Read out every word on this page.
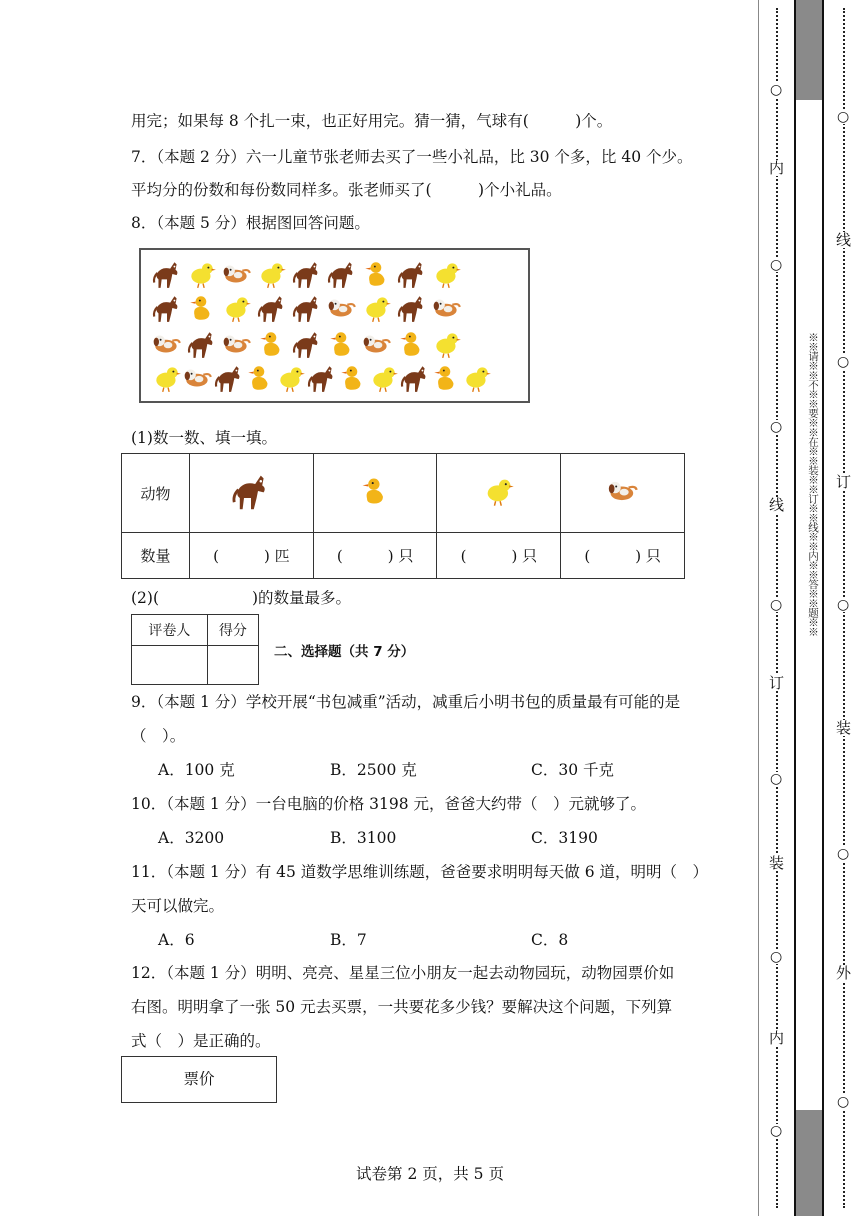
用完；如果每 8 个扎一束，也正好用完。猜一猜，气球有(　　　)个。
7．（本题 2 分）六一儿童节张老师去买了一些小礼品，比 30 个多，比 40 个少。
平均分的份数和每份数同样多。张老师买了(　　　)个小礼品。
8．（本题 5 分）根据图回答问题。
(1)数一数、填一填。
动物				
数量	(　　　) 匹	(　　　) 只	(　　　) 只	(　　　) 只
(2)(　　　　　　)的数量最多。
评卷人	得分

二、选择题（共 7 分）
9．（本题 1 分）学校开展“书包减重”活动，减重后小明书包的质量最有可能的是
（　）。
A．100 克	B．2500 克	C．30 千克
10．（本题 1 分）一台电脑的价格 3198 元，爸爸大约带（　）元就够了。
A．3200	B．3100	C．3190
11．（本题 1 分）有 45 道数学思维训练题，爸爸要求明明每天做 6 道，明明（　）
天可以做完。
A．6	B．7	C．8
12．（本题 1 分）明明、亮亮、星星三位小朋友一起去动物园玩，动物园票价如
右图。明明拿了一张 50 元去买票，一共要花多少钱？要解决这个问题，下列算
式（　）是正确的。
票价
试卷第 2 页，共 5 页
※※请※※不※※要※※在※※装※※订※※线※※内※※答※※题※※
内
线
订
装
内
○
○
○
○
○
○
○
线
订
装
外
○
○
○
○
○
